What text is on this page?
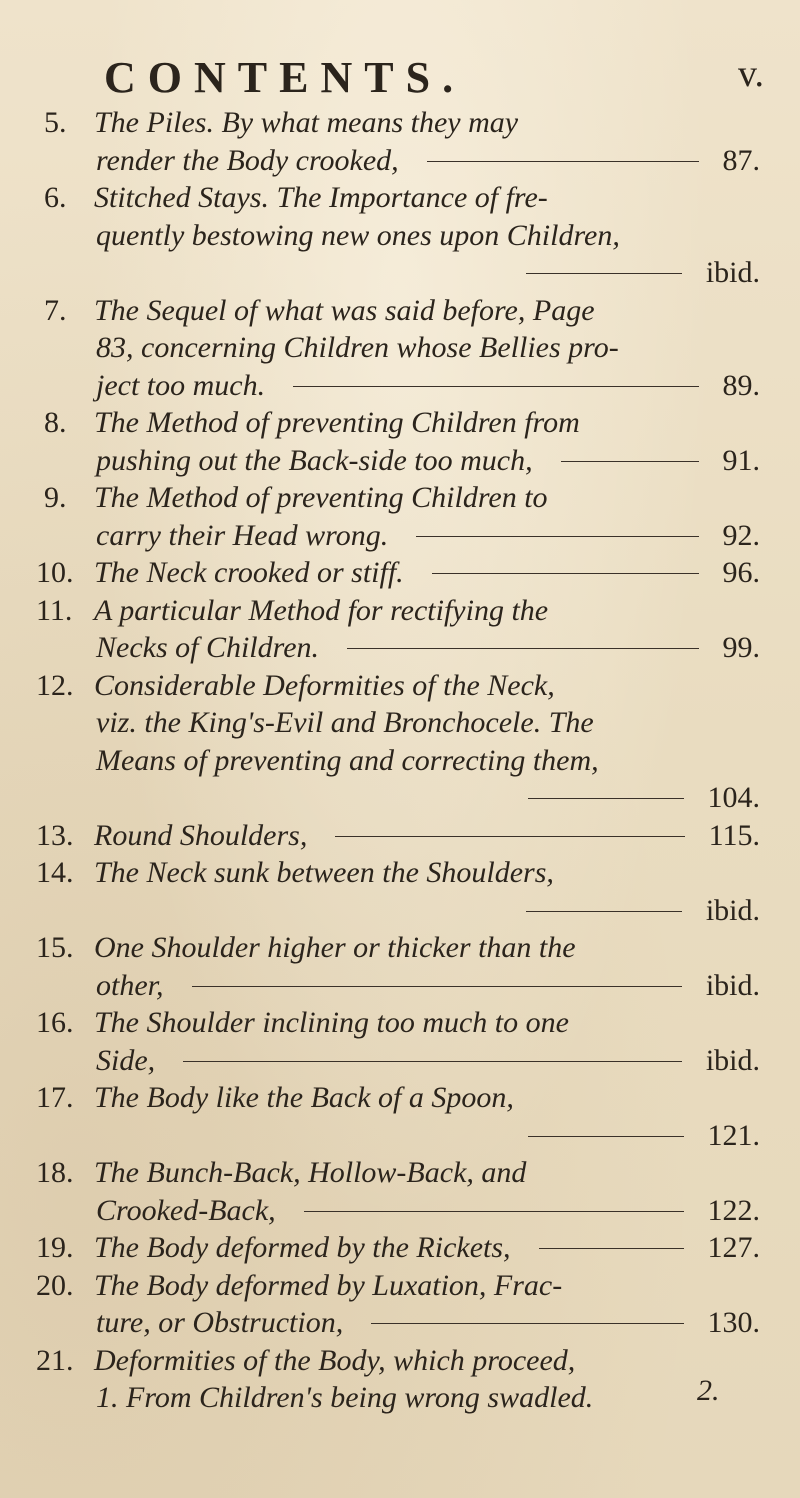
CONTENTS.	v.
5. The Piles. By what means they may
render the Body crooked,	87.
6. Stitched Stays. The Importance of fre-
quently bestowing new ones upon Children,
ibid.
7. The Sequel of what was said before, Page
83, concerning Children whose Bellies pro-
ject too much.	89.
8. The Method of preventing Children from
pushing out the Back-side too much,	91.
9. The Method of preventing Children to
carry their Head wrong.	92.
10. The Neck crooked or stiff.	96.
11. A particular Method for rectifying the
Necks of Children.	99.
12. Considerable Deformities of the Neck,
viz. the King's-Evil and Bronchocele. The
Means of preventing and correcting them,
104.
13. Round Shoulders,	115.
14. The Neck sunk between the Shoulders,
ibid.
15. One Shoulder higher or thicker than the
other,	ibid.
16. The Shoulder inclining too much to one
Side,	ibid.
17. The Body like the Back of a Spoon,
121.
18. The Bunch-Back, Hollow-Back, and
Crooked-Back,	122.
19. The Body deformed by the Rickets,	127.
20. The Body deformed by Luxation, Frac-
ture, or Obstruction,	130.
21. Deformities of the Body, which proceed,
1. From Children's being wrong swadled.	2.
